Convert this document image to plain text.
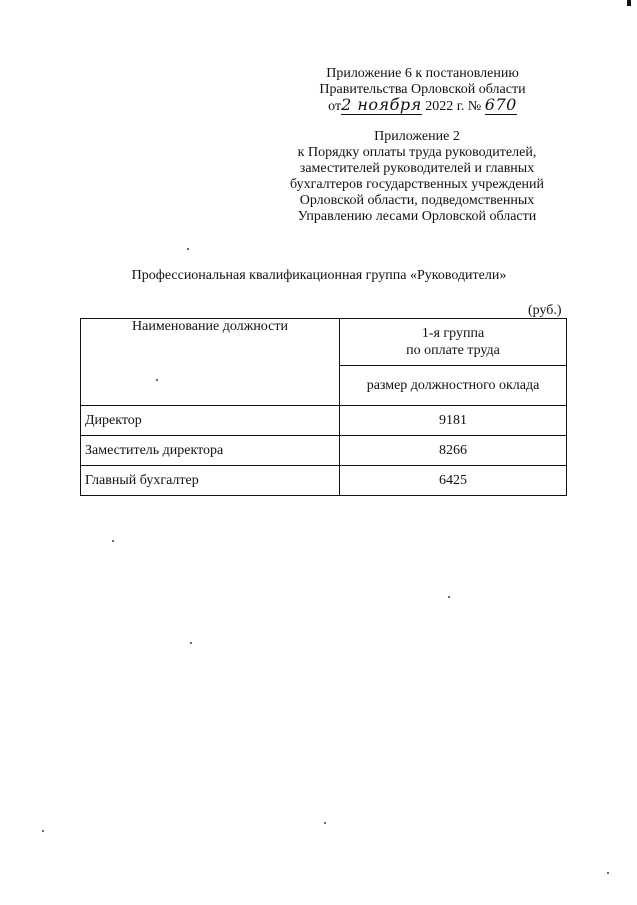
Приложение 6 к постановлению
Правительства Орловской области
от2 ноября 2022 г. № 670
Приложение 2
к Порядку оплаты труда руководителей,
заместителей руководителей и главных
бухгалтеров государственных учреждений
Орловской области, подведомственных
Управлению лесами Орловской области
Профессиональная квалификационная группа «Руководители»
(руб.)
Наименование должности	1-я группа
по оплате труда

	размер должностного оклада
Директор	9181
Заместитель директора	8266
Главный бухгалтер	6425
